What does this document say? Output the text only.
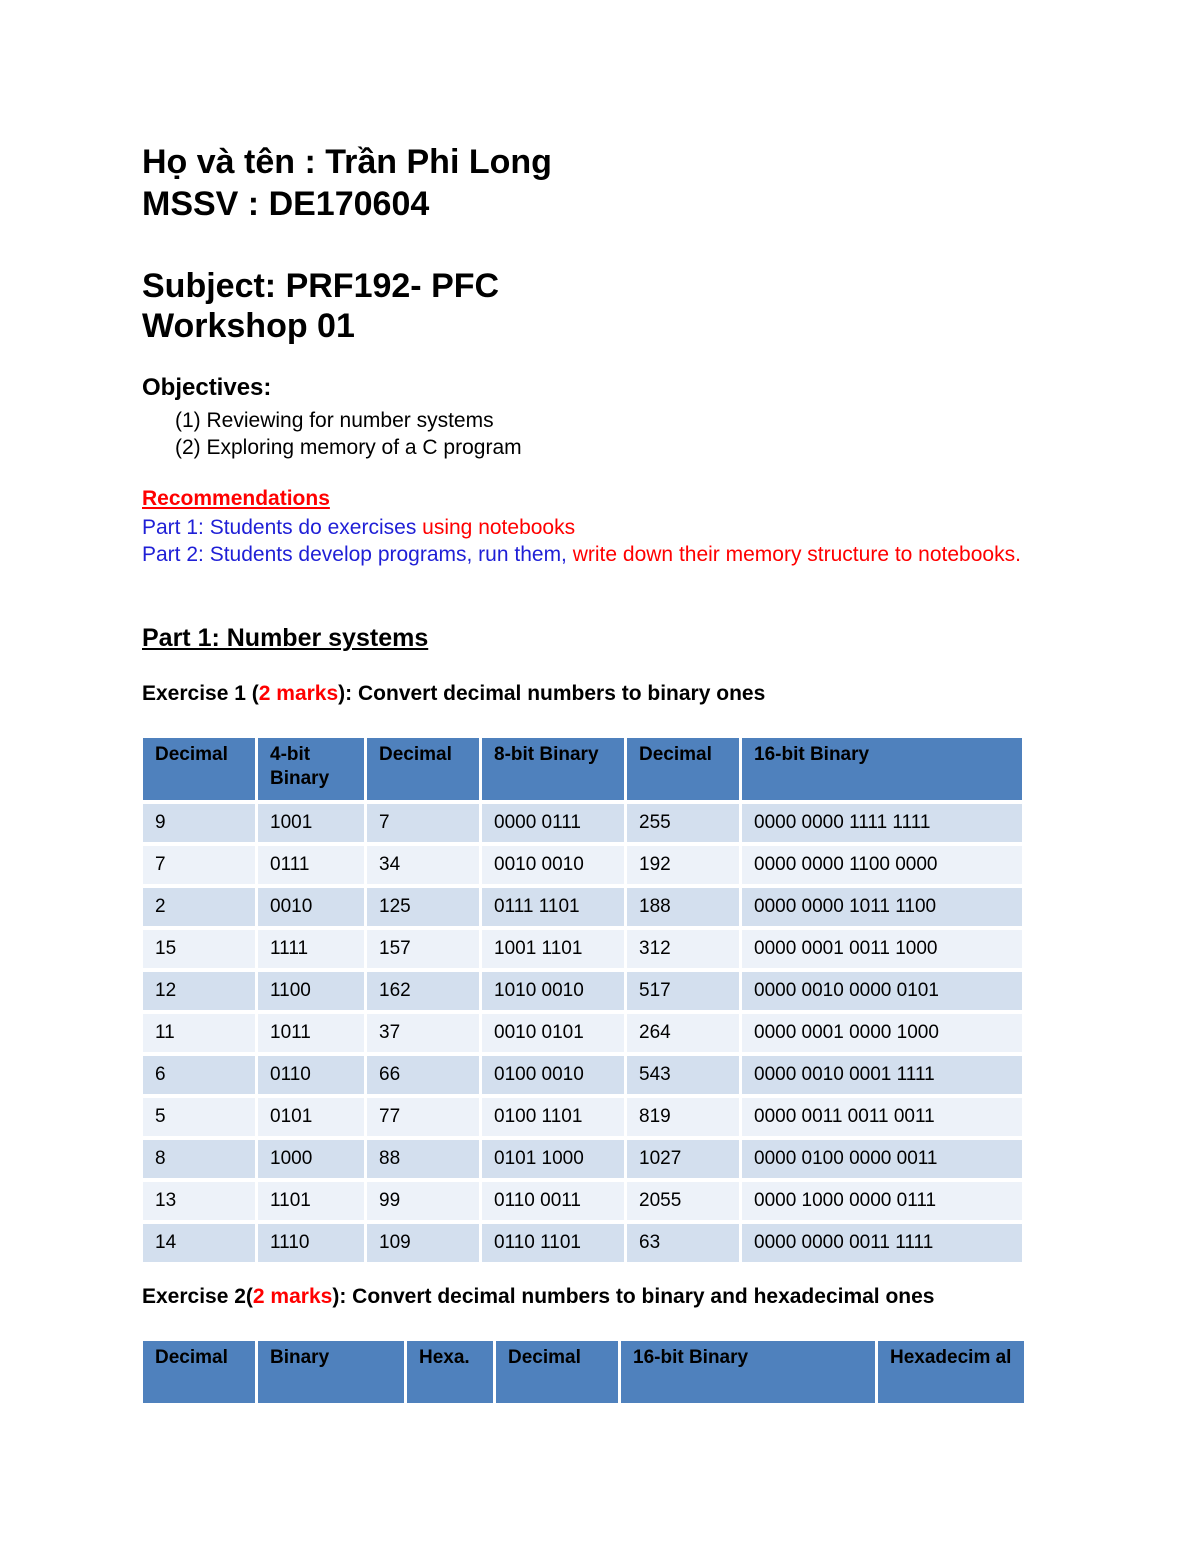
Họ và tên : Trần Phi Long
MSSV : DE170604
Subject: PRF192- PFC
Workshop 01
Objectives:
(1) Reviewing for number systems
(2) Exploring memory of a C program
Recommendations
Part 1: Students do exercises using notebooks
Part 2: Students develop programs, run them, write down their memory structure to notebooks.
Part 1: Number systems
Exercise 1 (2 marks): Convert decimal numbers to binary ones
Decimal	4-bit Binary	Decimal	8-bit Binary	Decimal	16-bit Binary
9	1001	7	0000 0111	255	0000 0000 1111 1111
7	0111	34	0010 0010	192	0000 0000 1100 0000
2	0010	125	0111 1101	188	0000 0000 1011 1100
15	1111	157	1001 1101	312	0000 0001 0011 1000
12	1100	162	1010 0010	517	0000 0010 0000 0101
11	1011	37	0010 0101	264	0000 0001 0000 1000
6	0110	66	0100 0010	543	0000 0010 0001 1111
5	0101	77	0100 1101	819	0000 0011 0011 0011
8	1000	88	0101 1000	1027	0000 0100 0000 0011
13	1101	99	0110 0011	2055	0000 1000 0000 0111
14	1110	109	0110 1101	63	0000 0000 0011 1111
Exercise 2(2 marks): Convert decimal numbers to binary and hexadecimal ones
Decimal	Binary	Hexa.	Decimal	16-bit Binary	Hexadecim al
